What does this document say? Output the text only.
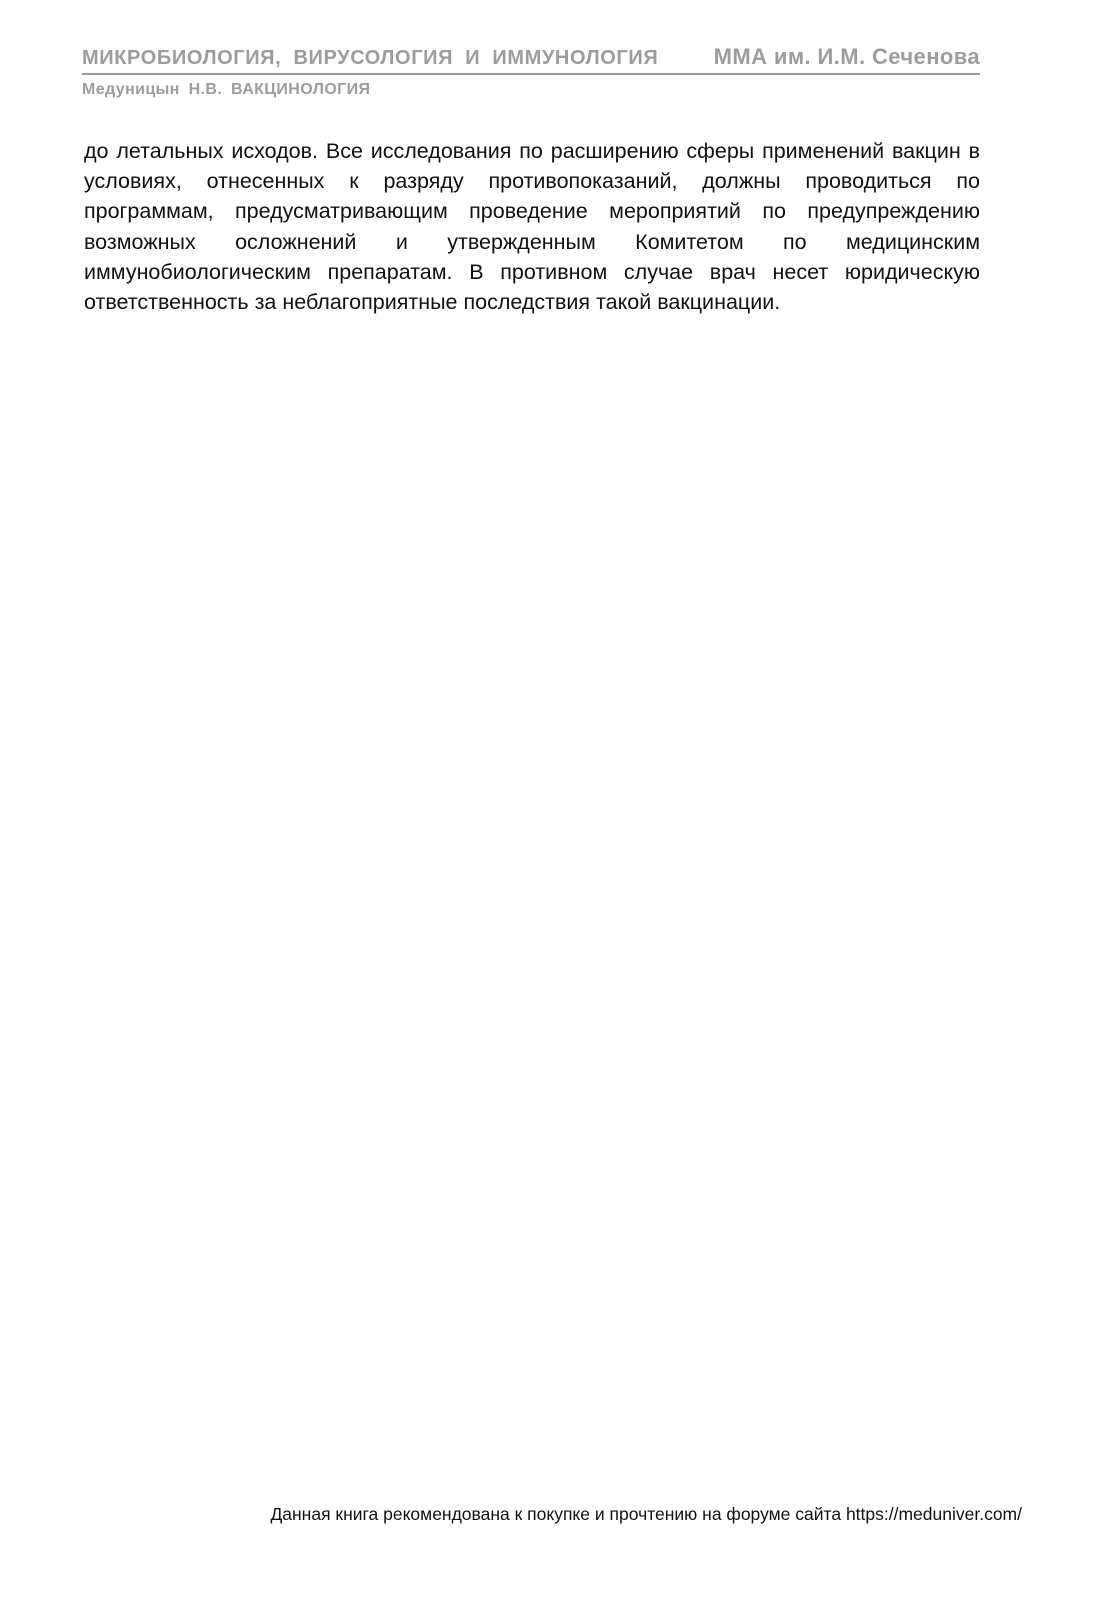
МИКРОБИОЛОГИЯ, ВИРУСОЛОГИЯ И ИММУНОЛОГИЯ	ММА им. И.М. Сеченова
Медуницын Н.В. ВАКЦИНОЛОГИЯ

до летальных исходов. Все исследования по расширению сферы применений вакцин в условиях, отнесенных к разряду противопоказаний, должны проводиться по программам, предусматривающим проведение мероприятий по предупреждению возможных осложнений и утвержденным Комитетом по медицинским иммунобиологическим препаратам. В противном случае врач несет юридическую ответственность за неблагоприятные последствия такой вакцинации.

Данная книга рекомендована к покупке и прочтению на форуме сайта https://meduniver.com/
